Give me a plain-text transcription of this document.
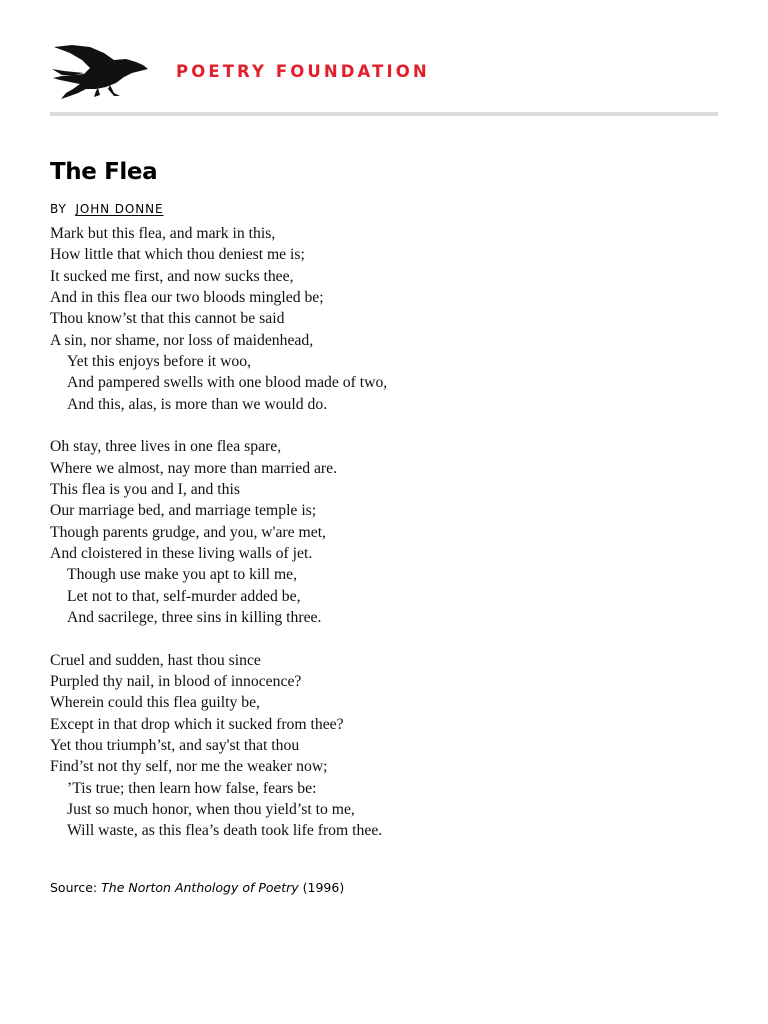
POETRY FOUNDATION
The Flea
BY JOHN DONNE
Mark but this flea, and mark in this,
How little that which thou deniest me is;
It sucked me first, and now sucks thee,
And in this flea our two bloods mingled be;
Thou know’st that this cannot be said
A sin, nor shame, nor loss of maidenhead,
Yet this enjoys before it woo,
And pampered swells with one blood made of two,
And this, alas, is more than we would do.
Oh stay, three lives in one flea spare,
Where we almost, nay more than married are.
This flea is you and I, and this
Our marriage bed, and marriage temple is;
Though parents grudge, and you, w'are met,
And cloistered in these living walls of jet.
Though use make you apt to kill me,
Let not to that, self-murder added be,
And sacrilege, three sins in killing three.
Cruel and sudden, hast thou since
Purpled thy nail, in blood of innocence?
Wherein could this flea guilty be,
Except in that drop which it sucked from thee?
Yet thou triumph’st, and say'st that thou
Find’st not thy self, nor me the weaker now;
’Tis true; then learn how false, fears be:
Just so much honor, when thou yield’st to me,
Will waste, as this flea’s death took life from thee.
Source: The Norton Anthology of Poetry (1996)
